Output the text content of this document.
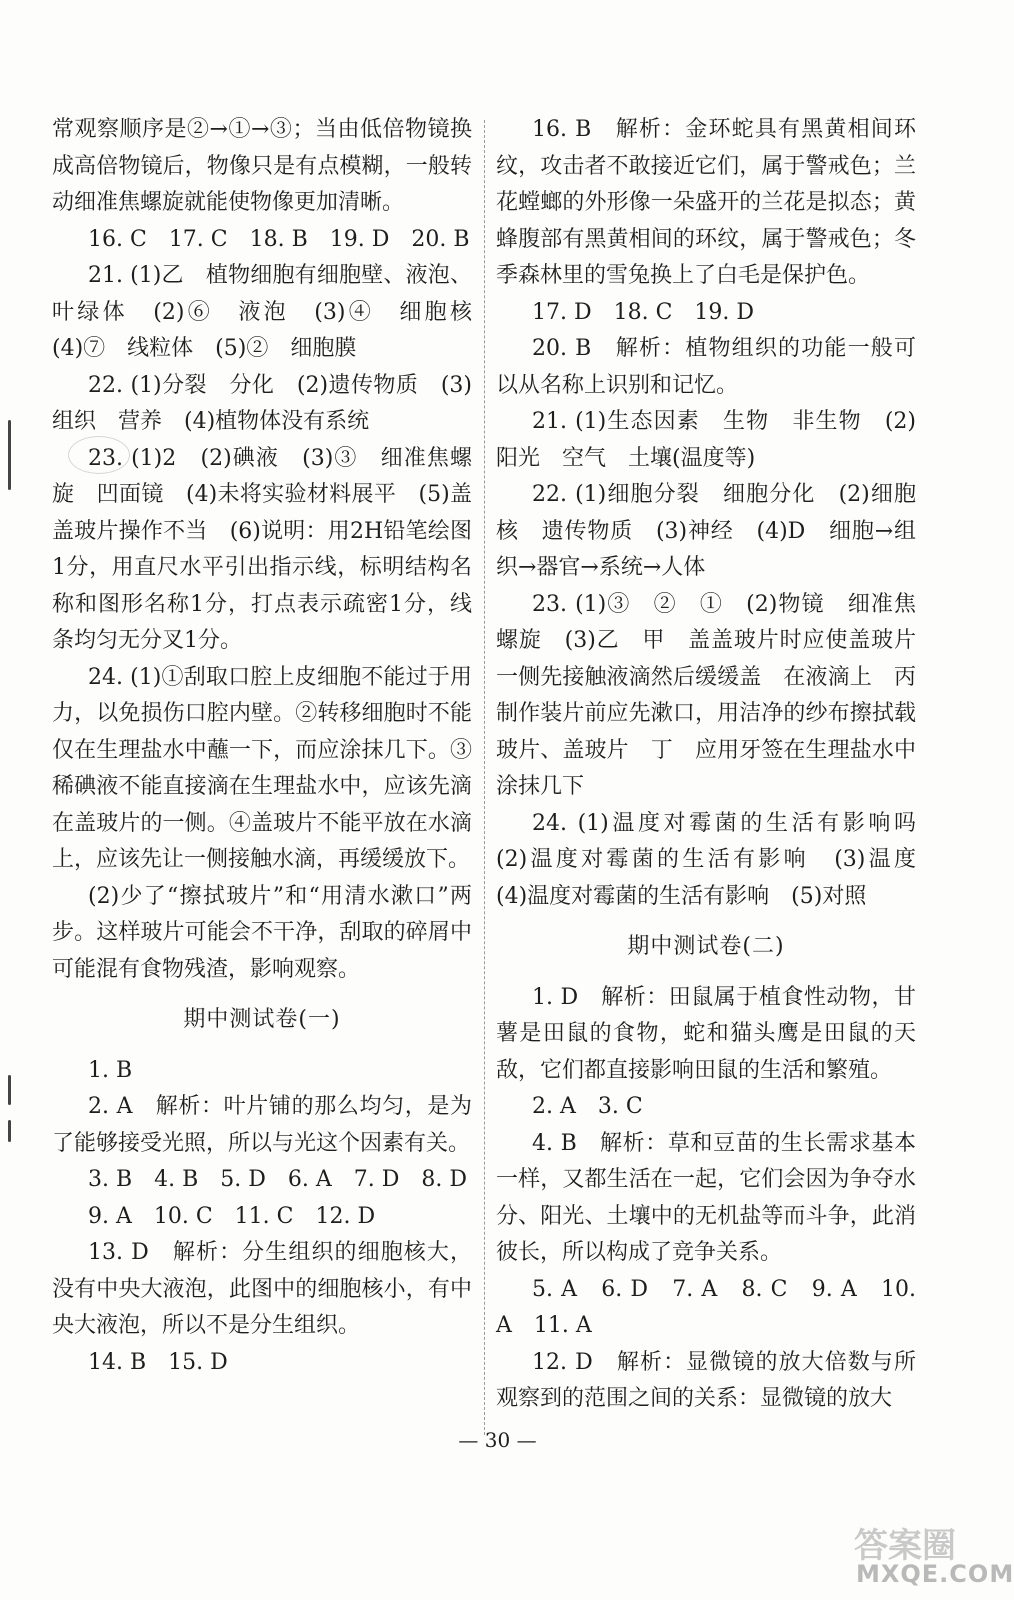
常观察顺序是②→①→③；当由低倍物镜换成高倍物镜后，物像只是有点模糊，一般转动细准焦螺旋就能使物像更加清晰。

16. C　17. C　18. B　19. D　20. B

21. (1)乙　植物细胞有细胞壁、液泡、叶绿体　(2)⑥　液泡　(3)④　细胞核　(4)⑦　线粒体　(5)②　细胞膜

22. (1)分裂　分化　(2)遗传物质　(3)组织　营养　(4)植物体没有系统

23. (1)2　(2)碘液　(3)③　细准焦螺旋　凹面镜　(4)未将实验材料展平　(5)盖盖玻片操作不当　(6)说明：用2H铅笔绘图1分，用直尺水平引出指示线，标明结构名称和图形名称1分，打点表示疏密1分，线条均匀无分叉1分。

24. (1)①刮取口腔上皮细胞不能过于用力，以免损伤口腔内壁。②转移细胞时不能仅在生理盐水中蘸一下，而应涂抹几下。③稀碘液不能直接滴在生理盐水中，应该先滴在盖玻片的一侧。④盖玻片不能平放在水滴上，应该先让一侧接触水滴，再缓缓放下。

(2)少了“擦拭玻片”和“用清水漱口”两步。这样玻片可能会不干净，刮取的碎屑中可能混有食物残渣，影响观察。

期中测试卷(一)

1. B

2. A　解析：叶片铺的那么均匀，是为了能够接受光照，所以与光这个因素有关。

3. B　4. B　5. D　6. A　7. D　8. D

9. A　10. C　11. C　12. D

13. D　解析：分生组织的细胞核大，没有中央大液泡，此图中的细胞核小，有中央大液泡，所以不是分生组织。

14. B　15. D

16. B　解析：金环蛇具有黑黄相间环纹，攻击者不敢接近它们，属于警戒色；兰花螳螂的外形像一朵盛开的兰花是拟态；黄蜂腹部有黑黄相间的环纹，属于警戒色；冬季森林里的雪兔换上了白毛是保护色。

17. D　18. C　19. D

20. B　解析：植物组织的功能一般可以从名称上识别和记忆。

21. (1)生态因素　生物　非生物　(2)阳光　空气　土壤(温度等)

22. (1)细胞分裂　细胞分化　(2)细胞核　遗传物质　(3)神经　(4)D　细胞→组织→器官→系统→人体

23. (1)③　②　①　(2)物镜　细准焦螺旋　(3)乙　甲　盖盖玻片时应使盖玻片一侧先接触液滴然后缓缓盖　在液滴上　丙　制作装片前应先漱口，用洁净的纱布擦拭载玻片、盖玻片　丁　应用牙签在生理盐水中涂抹几下

24. (1)温度对霉菌的生活有影响吗　(2)温度对霉菌的生活有影响　(3)温度　(4)温度对霉菌的生活有影响　(5)对照

期中测试卷(二)

1. D　解析：田鼠属于植食性动物，甘薯是田鼠的食物，蛇和猫头鹰是田鼠的天敌，它们都直接影响田鼠的生活和繁殖。

2. A　3. C

4. B　解析：草和豆苗的生长需求基本一样，又都生活在一起，它们会因为争夺水分、阳光、土壤中的无机盐等而斗争，此消彼长，所以构成了竞争关系。

5. A　6. D　7. A　8. C　9. A　10. A　11. A

12. D　解析：显微镜的放大倍数与所观察到的范围之间的关系：显微镜的放大

— 30 —
答案圈
MXQE.COM
